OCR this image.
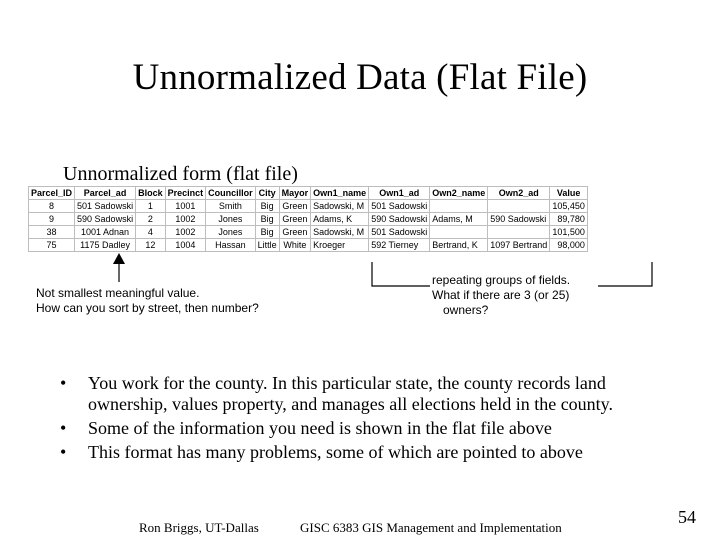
Unnormalized Data (Flat File)
Unnormalized form (flat file)
Parcel_ID	Parcel_ad	Block	Precinct	Councillor	City	Mayor	Own1_name	Own1_ad	Own2_name	Own2_ad	Value
8	501 Sadowski	1	1001	Smith	Big	Green	Sadowski, M	501 Sadowski			105,450
9	590 Sadowski	2	1002	Jones	Big	Green	Adams, K	590 Sadowski	Adams, M	590 Sadowski	89,780
38	1001 Adnan	4	1002	Jones	Big	Green	Sadowski, M	501 Sadowski			101,500
75	1175 Dadley	12	1004	Hassan	Little	White	Kroeger	592 Tierney	Bertrand, K	1097 Bertrand	98,000
Not smallest meaningful value.
How can you sort by street, then number?
repeating groups of fields.
What if there are 3 (or 25)
owners?
•	You work for the county. In this particular state, the county records land ownership, values property, and manages all elections held in the county.
•	Some of the information you need is shown in the flat file above
•	This format has many problems, some of which are pointed to above
Ron Briggs, UT-Dallas	GISC 6383 GIS Management and Implementation
54
